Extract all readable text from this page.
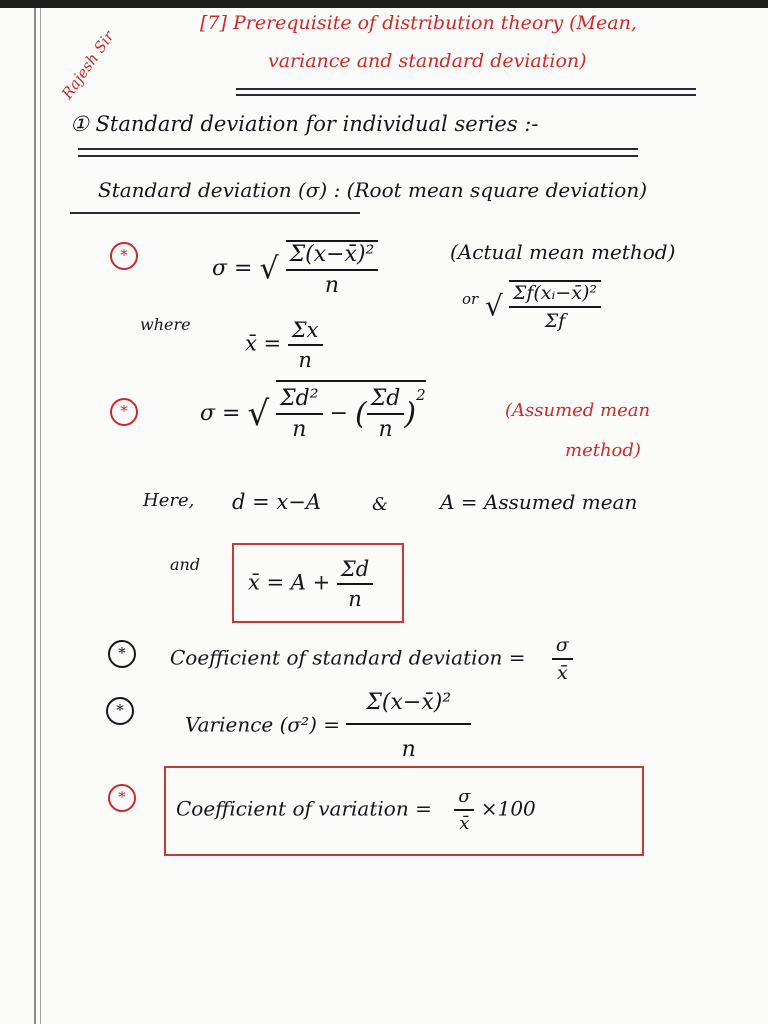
Rajesh Sir
[7] Prerequisite of distribution theory (Mean,
variance and standard deviation)
① Standard deviation for individual series :-
Standard deviation (σ) : (Root mean square deviation)
*
σ = √ $\frac{\text{Σ(x−x̄)²}}{n}$	(Actual mean method)
or √ $\frac{\text{Σf(xᵢ−x̄)²}}{\Sigma f}$
where
x̄ = $\frac{\Sigma x}{n}$
*	σ = √ $\frac{\text{Σd²}}{n}$ − ( $\frac{\Sigma d}{n} )^2$
(Assumed mean
method)
Here, d = x−A	&	A = Assumed mean
and
x̄ = $A + \frac{\Sigma d}{n}$
*	Coefficient of standard deviation = $\frac{\sigma}{x̄}$
*
Varience $(\sigma^2) = \frac{\text{Σ(x−x̄)²}}{n}$
*	Coefficient of variation = $\frac{\sigma}{x̄} \times 100$
